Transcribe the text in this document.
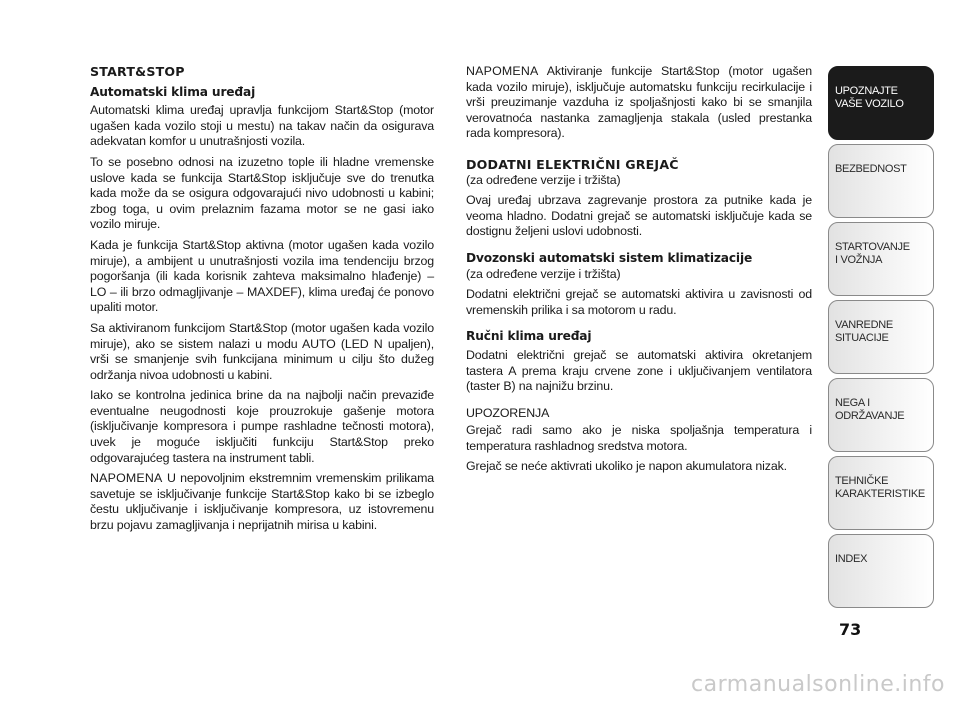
START&STOP
Automatski klima uređaj

Automatski klima uređaj upravlja funkcijom Start&Stop (motor ugašen kada vozilo stoji u mestu) na takav način da osigurava adekvatan komfor u unutrašnjosti vozila.

To se posebno odnosi na izuzetno tople ili hladne vremenske uslove kada se funkcija Start&Stop isključuje sve do trenutka kada može da se osigura odgovarajući nivo udobnosti u kabini; zbog toga, u ovim prelaznim fazama motor se ne gasi iako vozilo miruje.

Kada je funkcija Start&Stop aktivna (motor ugašen kada vozilo miruje), a ambijent u unutrašnjosti vozila ima tendenciju brzog pogoršanja (ili kada korisnik zahteva maksimalno hlađenje) – LO – ili brzo odmagljivanje – MAXDEF), klima uređaj će ponovo upaliti motor.

Sa aktiviranom funkcijom Start&Stop (motor ugašen kada vozilo miruje), ako se sistem nalazi u modu AUTO (LED N upaljen), vrši se smanjenje svih funkcijana minimum u cilju što dužeg održanja nivoa udobnosti u kabini.

Iako se kontrolna jedinica brine da na najbolji način prevaziđe eventualne neugodnosti koje prouzrokuje gašenje motora (isključivanje kompresora i pumpe rashladne tečnosti motora), uvek je moguće isključiti funkciju Start&Stop preko odgovarajućeg tastera na instrument tabli.

NAPOMENA U nepovoljnim ekstremnim vremenskim prilikama savetuje se isključivanje funkcije Start&Stop kako bi se izbeglo čestu uključivanje i isključivanje kompresora, uz istovremenu brzu pojavu zamagljivanja i neprijatnih mirisa u kabini.

NAPOMENA Aktiviranje funkcije Start&Stop (motor ugašen kada vozilo miruje), isključuje automatsku funkciju recirkulacije i vrši preuzimanje vazduha iz spoljašnjosti kako bi se smanjila verovatnoća nastanka zamagljenja stakala (usled prestanka rada kompresora).

DODATNI ELEKTRIČNI GREJAČ

(za određene verzije i tržišta)

Ovaj uređaj ubrzava zagrevanje prostora za putnike kada je veoma hladno. Dodatni grejač se automatski isključuje kada se dostignu željeni uslovi udobnosti.

Dvozonski automatski sistem klimatizacije

(za određene verzije i tržišta)

Dodatni električni grejač se automatski aktivira u zavisnosti od vremenskih prilika i sa motorom u radu.

Ručni klima uređaj

Dodatni električni grejač se automatski aktivira okretanjem tastera A prema kraju crvene zone i uključivanjem ventilatora (taster B) na najnižu brzinu.

UPOZORENJA

Grejač radi samo ako je niska spoljašnja temperatura i temperatura rashladnog sredstva motora.

Grejač se neće aktivrati ukoliko je napon akumulatora nizak.

UPOZNAJTE
VAŠE VOZILO
BEZBEDNOST
STARTOVANJE
I VOŽNJA
VANREDNE
SITUACIJE
NEGA I
ODRŽAVANJE
TEHNIČKE
KARAKTERISTIKE
INDEX
73
carmanualsonline.info
